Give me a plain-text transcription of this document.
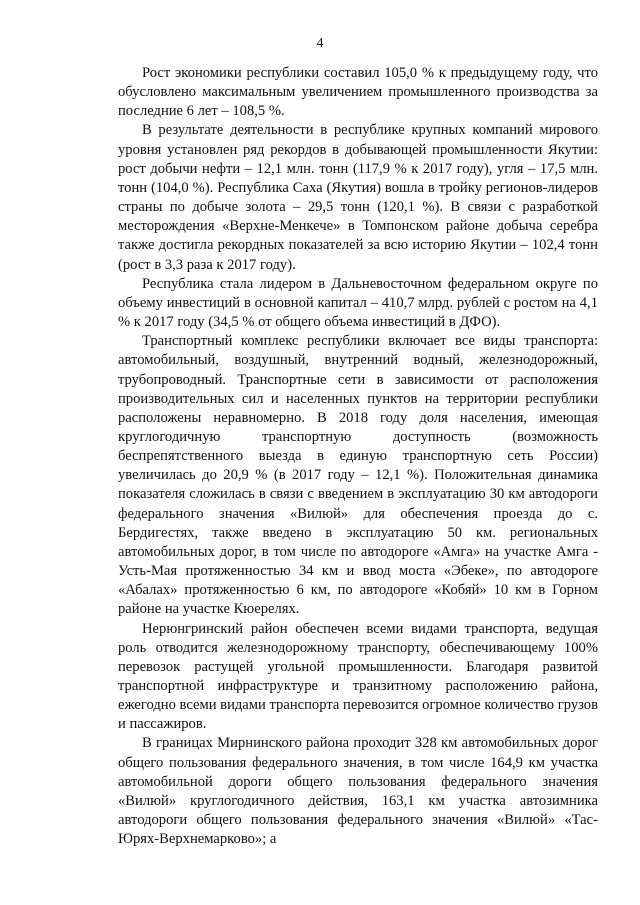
4

Рост экономики республики составил 105,0 % к предыдущему году, что обусловлено максимальным увеличением промышленного производства за последние 6 лет – 108,5 %.

В результате деятельности в республике крупных компаний мирового уровня установлен ряд рекордов в добывающей промышленности Якутии: рост добычи нефти – 12,1 млн. тонн (117,9 % к 2017 году), угля – 17,5 млн. тонн (104,0 %). Республика Саха (Якутия) вошла в тройку регионов-лидеров страны по добыче золота – 29,5 тонн (120,1 %). В связи с разработкой месторождения «Верхне-Менкече» в Томпонском районе добыча серебра также достигла рекордных показателей за всю историю Якутии – 102,4 тонн (рост в 3,3 раза к 2017 году).

Республика стала лидером в Дальневосточном федеральном округе по объему инвестиций в основной капитал – 410,7 млрд. рублей с ростом на 4,1 % к 2017 году (34,5 % от общего объема инвестиций в ДФО).

Транспортный комплекс республики включает все виды транспорта: автомобильный, воздушный, внутренний водный, железнодорожный, трубопроводный. Транспортные сети в зависимости от расположения производительных сил и населенных пунктов на территории республики расположены неравномерно. В 2018 году доля населения, имеющая круглогодичную транспортную доступность (возможность беспрепятственного выезда в единую транспортную сеть России) увеличилась до 20,9 % (в 2017 году – 12,1 %). Положительная динамика показателя сложилась в связи с введением в эксплуатацию 30 км автодороги федерального значения «Вилюй» для обеспечения проезда до с. Бердигестях, также введено в эксплуатацию 50 км. региональных автомобильных дорог, в том числе по автодороге «Амга» на участке Амга - Усть-Мая протяженностью 34 км и ввод моста «Эбеке», по автодороге «Абалах» протяженностью 6 км, по автодороге «Кобяй» 10 км в Горном районе на участке Кюерелях.

Нерюнгринский район обеспечен всеми видами транспорта, ведущая роль отводится железнодорожному транспорту, обеспечивающему 100% перевозок растущей угольной промышленности. Благодаря развитой транспортной инфраструктуре и транзитному расположению района, ежегодно всеми видами транспорта перевозится огромное количество грузов и пассажиров.

В границах Мирнинского района проходит 328 км автомобильных дорог общего пользования федерального значения, в том числе 164,9 км участка автомобильной дороги общего пользования федерального значения «Вилюй» круглогодичного действия, 163,1 км участка автозимника автодороги общего пользования федерального значения «Вилюй» «Тас-Юрях-Верхнемарково»; а
